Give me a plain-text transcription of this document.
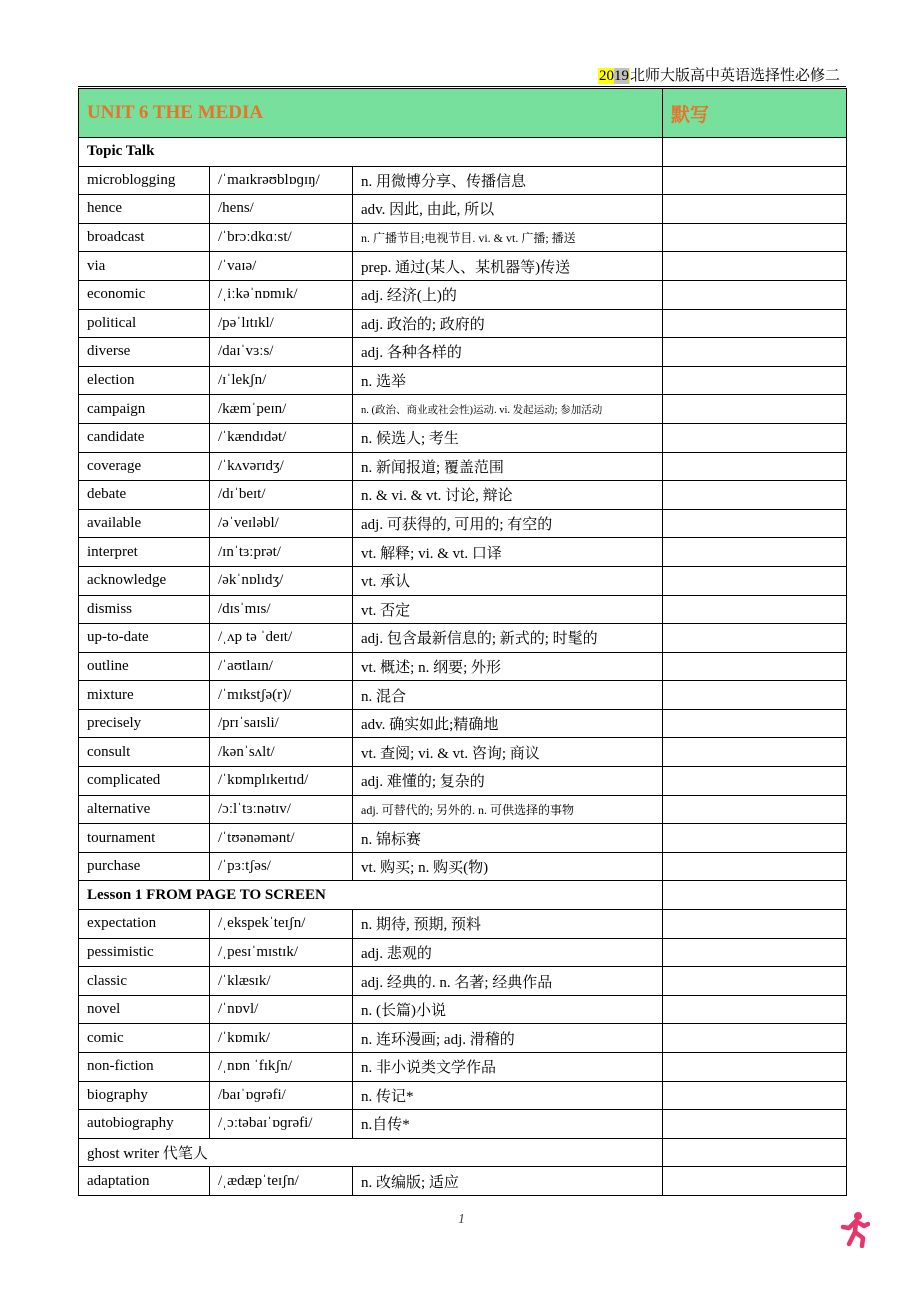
2019北师大版高中英语选择性必修二
UNIT 6 THE MEDIA			默写
Topic Talk			
microblogging	/ˈmaɪkrəʊblɒɡɪŋ/	n. 用微博分享、传播信息	
hence	/hens/	adv. 因此, 由此, 所以	
broadcast	/ˈbrɔːdkɑːst/	n. 广播节目;电视节目. vi. & vt. 广播; 播送	
via	/ˈvaɪə/	prep. 通过(某人、某机器等)传送	
economic	/ˌiːkəˈnɒmɪk/	adj. 经济(上)的	
political	/pəˈlɪtɪkl/	adj. 政治的; 政府的	
diverse	/daɪˈvɜːs/	adj. 各种各样的	
election	/ɪˈlekʃn/	n. 选举	
campaign	/kæmˈpeɪn/	n. (政治、商业或社会性)运动. vi. 发起运动; 参加活动	
candidate	/ˈkændɪdət/	n. 候选人; 考生	
coverage	/ˈkʌvərɪdʒ/	n. 新闻报道; 覆盖范围	
debate	/dɪˈbeɪt/	n. & vi. & vt. 讨论, 辩论	
available	/əˈveɪləbl/	adj. 可获得的, 可用的; 有空的	
interpret	/ɪnˈtɜːprət/	vt. 解释; vi. & vt. 口译	
acknowledge	/əkˈnɒlɪdʒ/	vt. 承认	
dismiss	/dɪsˈmɪs/	vt. 否定	
up-to-date	/ˌʌp tə ˈdeɪt/	adj. 包含最新信息的; 新式的; 时髦的	
outline	/ˈaʊtlaɪn/	vt. 概述; n. 纲要; 外形	
mixture	/ˈmɪkstʃə(r)/	n. 混合	
precisely	/prɪˈsaɪsli/	adv. 确实如此;精确地	
consult	/kənˈsʌlt/	vt. 查阅; vi. & vt. 咨询; 商议	
complicated	/ˈkɒmplɪkeɪtɪd/	adj. 难懂的; 复杂的	
alternative	/ɔːlˈtɜːnətɪv/	adj. 可替代的; 另外的. n. 可供选择的事物	
tournament	/ˈtʊənəmənt/	n. 锦标赛	
purchase	/ˈpɜːtʃəs/	vt. 购买; n. 购买(物)	
Lesson 1 FROM PAGE TO SCREEN			
expectation	/ˌekspekˈteɪʃn/	n. 期待, 预期, 预料	
pessimistic	/ˌpesɪˈmɪstɪk/	adj. 悲观的	
classic	/ˈklæsɪk/	adj. 经典的. n. 名著; 经典作品	
novel	/ˈnɒvl/	n. (长篇)小说	
comic	/ˈkɒmɪk/	n. 连环漫画; adj. 滑稽的	
non-fiction	/ˌnɒn ˈfɪkʃn/	n. 非小说类文学作品	
biography	/baɪˈɒɡrəfi/	n. 传记*	
autobiography	/ˌɔːtəbaɪˈɒɡrəfi/	n.自传*	
ghost writer 代笔人			
adaptation	/ˌædæpˈteɪʃn/	n. 改编版; 适应	
1
